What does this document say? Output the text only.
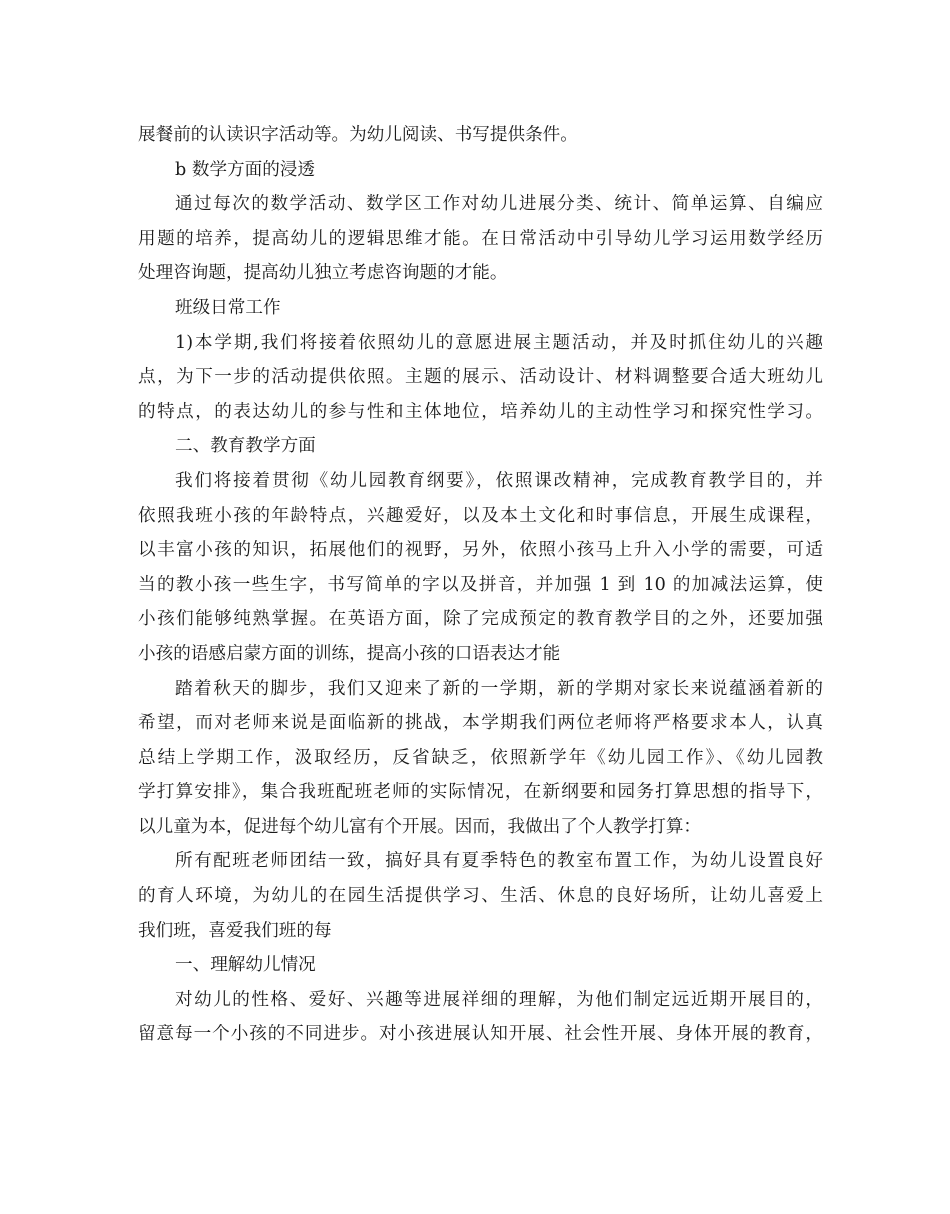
展餐前的认读识字活动等。为幼儿阅读、书写提供条件。
b 数学方面的浸透
通过每次的数学活动、数学区工作对幼儿进展分类、统计、简单运算、自编应
用题的培养，提高幼儿的逻辑思维才能。在日常活动中引导幼儿学习运用数学经历
处理咨询题，提高幼儿独立考虑咨询题的才能。
班级日常工作
1)本学期,我们将接着依照幼儿的意愿进展主题活动，并及时抓住幼儿的兴趣
点，为下一步的活动提供依照。主题的展示、活动设计、材料调整要合适大班幼儿
的特点，的表达幼儿的参与性和主体地位，培养幼儿的主动性学习和探究性学习。
二、教育教学方面
我们将接着贯彻《幼儿园教育纲要》，依照课改精神，完成教育教学目的，并
依照我班小孩的年龄特点，兴趣爱好，以及本土文化和时事信息，开展生成课程，
以丰富小孩的知识，拓展他们的视野，另外，依照小孩马上升入小学的需要，可适
当的教小孩一些生字，书写简单的字以及拼音，并加强 1 到 10 的加减法运算，使
小孩们能够纯熟掌握。在英语方面，除了完成预定的教育教学目的之外，还要加强
小孩的语感启蒙方面的训练，提高小孩的口语表达才能
踏着秋天的脚步，我们又迎来了新的一学期，新的学期对家长来说蕴涵着新的
希望，而对老师来说是面临新的挑战，本学期我们两位老师将严格要求本人，认真
总结上学期工作，汲取经历，反省缺乏，依照新学年《幼儿园工作》、《幼儿园教
学打算安排》，集合我班配班老师的实际情况，在新纲要和园务打算思想的指导下，
以儿童为本，促进每个幼儿富有个开展。因而，我做出了个人教学打算：
所有配班老师团结一致，搞好具有夏季特色的教室布置工作，为幼儿设置良好
的育人环境，为幼儿的在园生活提供学习、生活、休息的良好场所，让幼儿喜爱上
我们班，喜爱我们班的每
一、理解幼儿情况
对幼儿的性格、爱好、兴趣等进展祥细的理解，为他们制定远近期开展目的，
留意每一个小孩的不同进步。对小孩进展认知开展、社会性开展、身体开展的教育，
